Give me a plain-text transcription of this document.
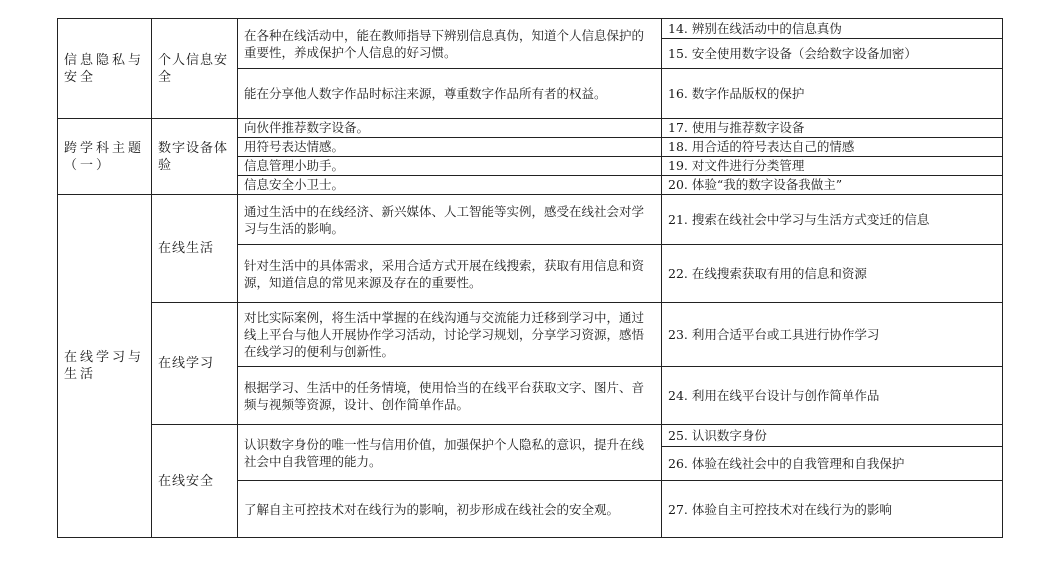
信息隐私与安全	个人信息安全	在各种在线活动中，能在教师指导下辨别信息真伪，知道个人信息保护的重要性，养成保护个人信息的好习惯。	14. 辨别在线活动中的信息真伪
			15. 安全使用数字设备（会给数字设备加密）
		能在分享他人数字作品时标注来源，尊重数字作品所有者的权益。	16. 数字作品版权的保护
跨学科主题（一）	数字设备体验	向伙伴推荐数字设备。	17. 使用与推荐数字设备
		用符号表达情感。	18. 用合适的符号表达自己的情感
		信息管理小助手。	19. 对文件进行分类管理
		信息安全小卫士。	20. 体验“我的数字设备我做主”
在线学习与生活	在线生活	通过生活中的在线经济、新兴媒体、人工智能等实例，感受在线社会对学习与生活的影响。	21. 搜索在线社会中学习与生活方式变迁的信息
		针对生活中的具体需求，采用合适方式开展在线搜索，获取有用信息和资源，知道信息的常见来源及存在的重要性。	22. 在线搜索获取有用的信息和资源
	在线学习	对比实际案例，将生活中掌握的在线沟通与交流能力迁移到学习中，通过线上平台与他人开展协作学习活动，讨论学习规划，分享学习资源，感悟在线学习的便利与创新性。	23. 利用合适平台或工具进行协作学习
		根据学习、生活中的任务情境，使用恰当的在线平台获取文字、图片、音频与视频等资源，设计、创作简单作品。	24. 利用在线平台设计与创作简单作品
	在线安全	认识数字身份的唯一性与信用价值，加强保护个人隐私的意识，提升在线社会中自我管理的能力。	25. 认识数字身份
			26. 体验在线社会中的自我管理和自我保护
		了解自主可控技术对在线行为的影响，初步形成在线社会的安全观。	27. 体验自主可控技术对在线行为的影响
